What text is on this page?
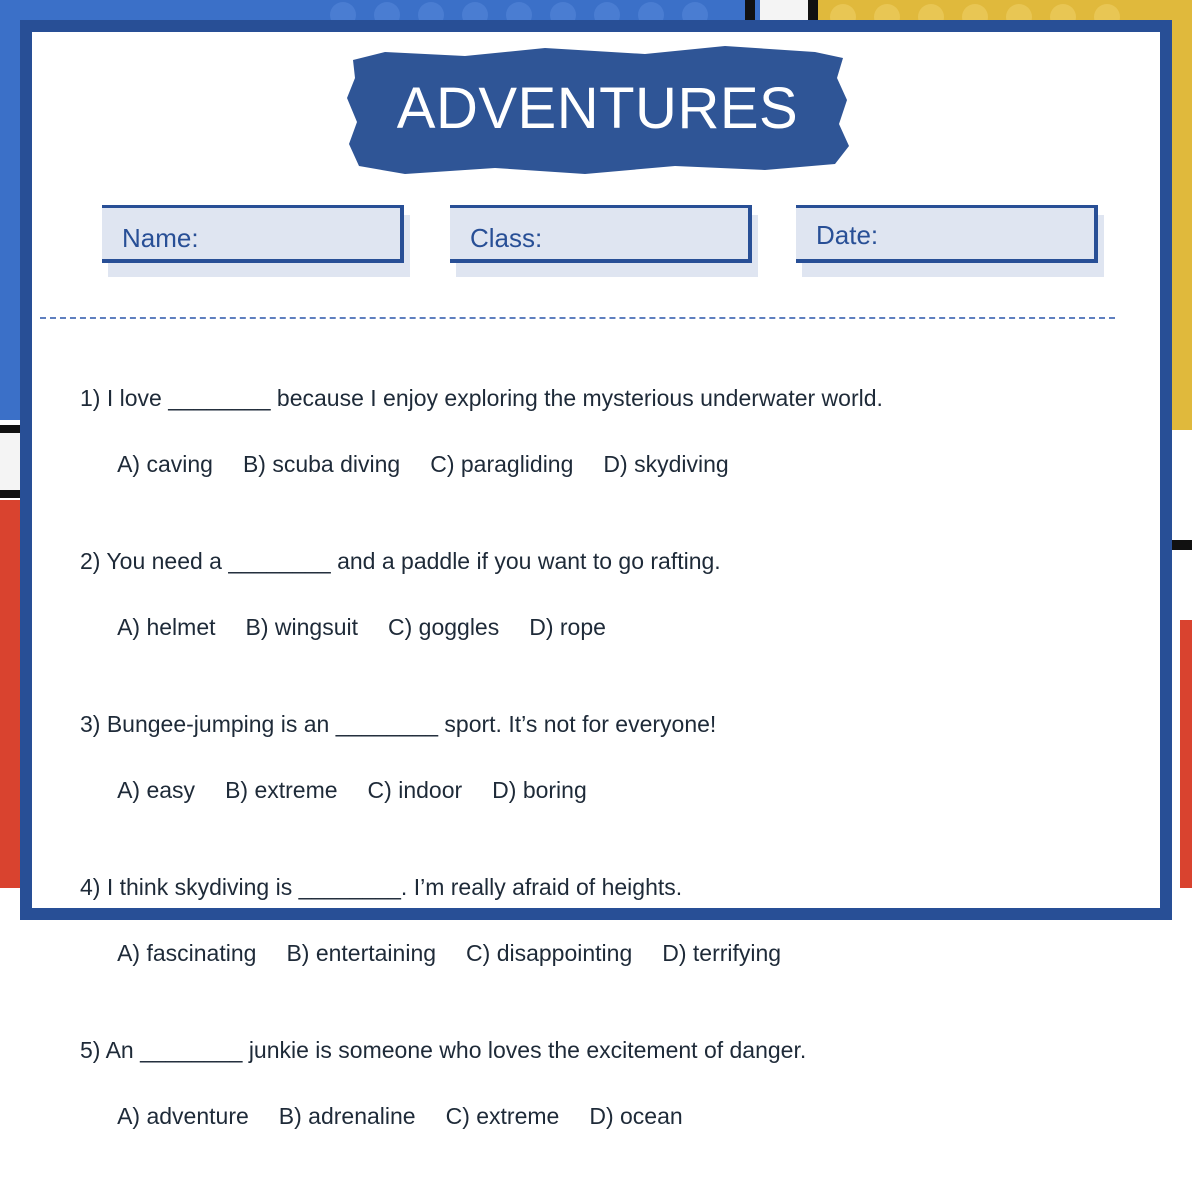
ADVENTURES
Name:	Class:	Date:
1) I love ________ because I enjoy exploring the mysterious underwater world.

A) caving B) scuba diving C) paragliding D) skydiving

2) You need a ________ and a paddle if you want to go rafting.

A) helmet B) wingsuit C) goggles D) rope

3) Bungee-jumping is an ________ sport. It’s not for everyone!

A) easy B) extreme C) indoor D) boring

4) I think skydiving is ________. I’m really afraid of heights.

A) fascinating B) entertaining C) disappointing D) terrifying

5) An ________ junkie is someone who loves the excitement of danger.

A) adventure B) adrenaline C) extreme D) ocean
